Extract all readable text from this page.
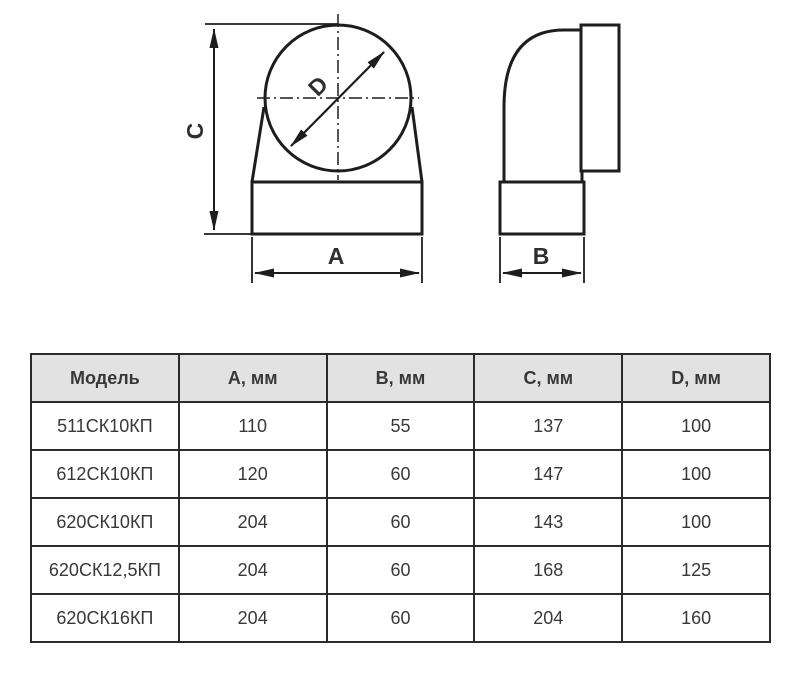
D
C
A	B
Модель	А, мм	В, мм	С, мм	D, мм
511СК10КП	110	55	137	100
612СК10КП	120	60	147	100
620СК10КП	204	60	143	100
620СК12,5КП	204	60	168	125
620СК16КП	204	60	204	160
